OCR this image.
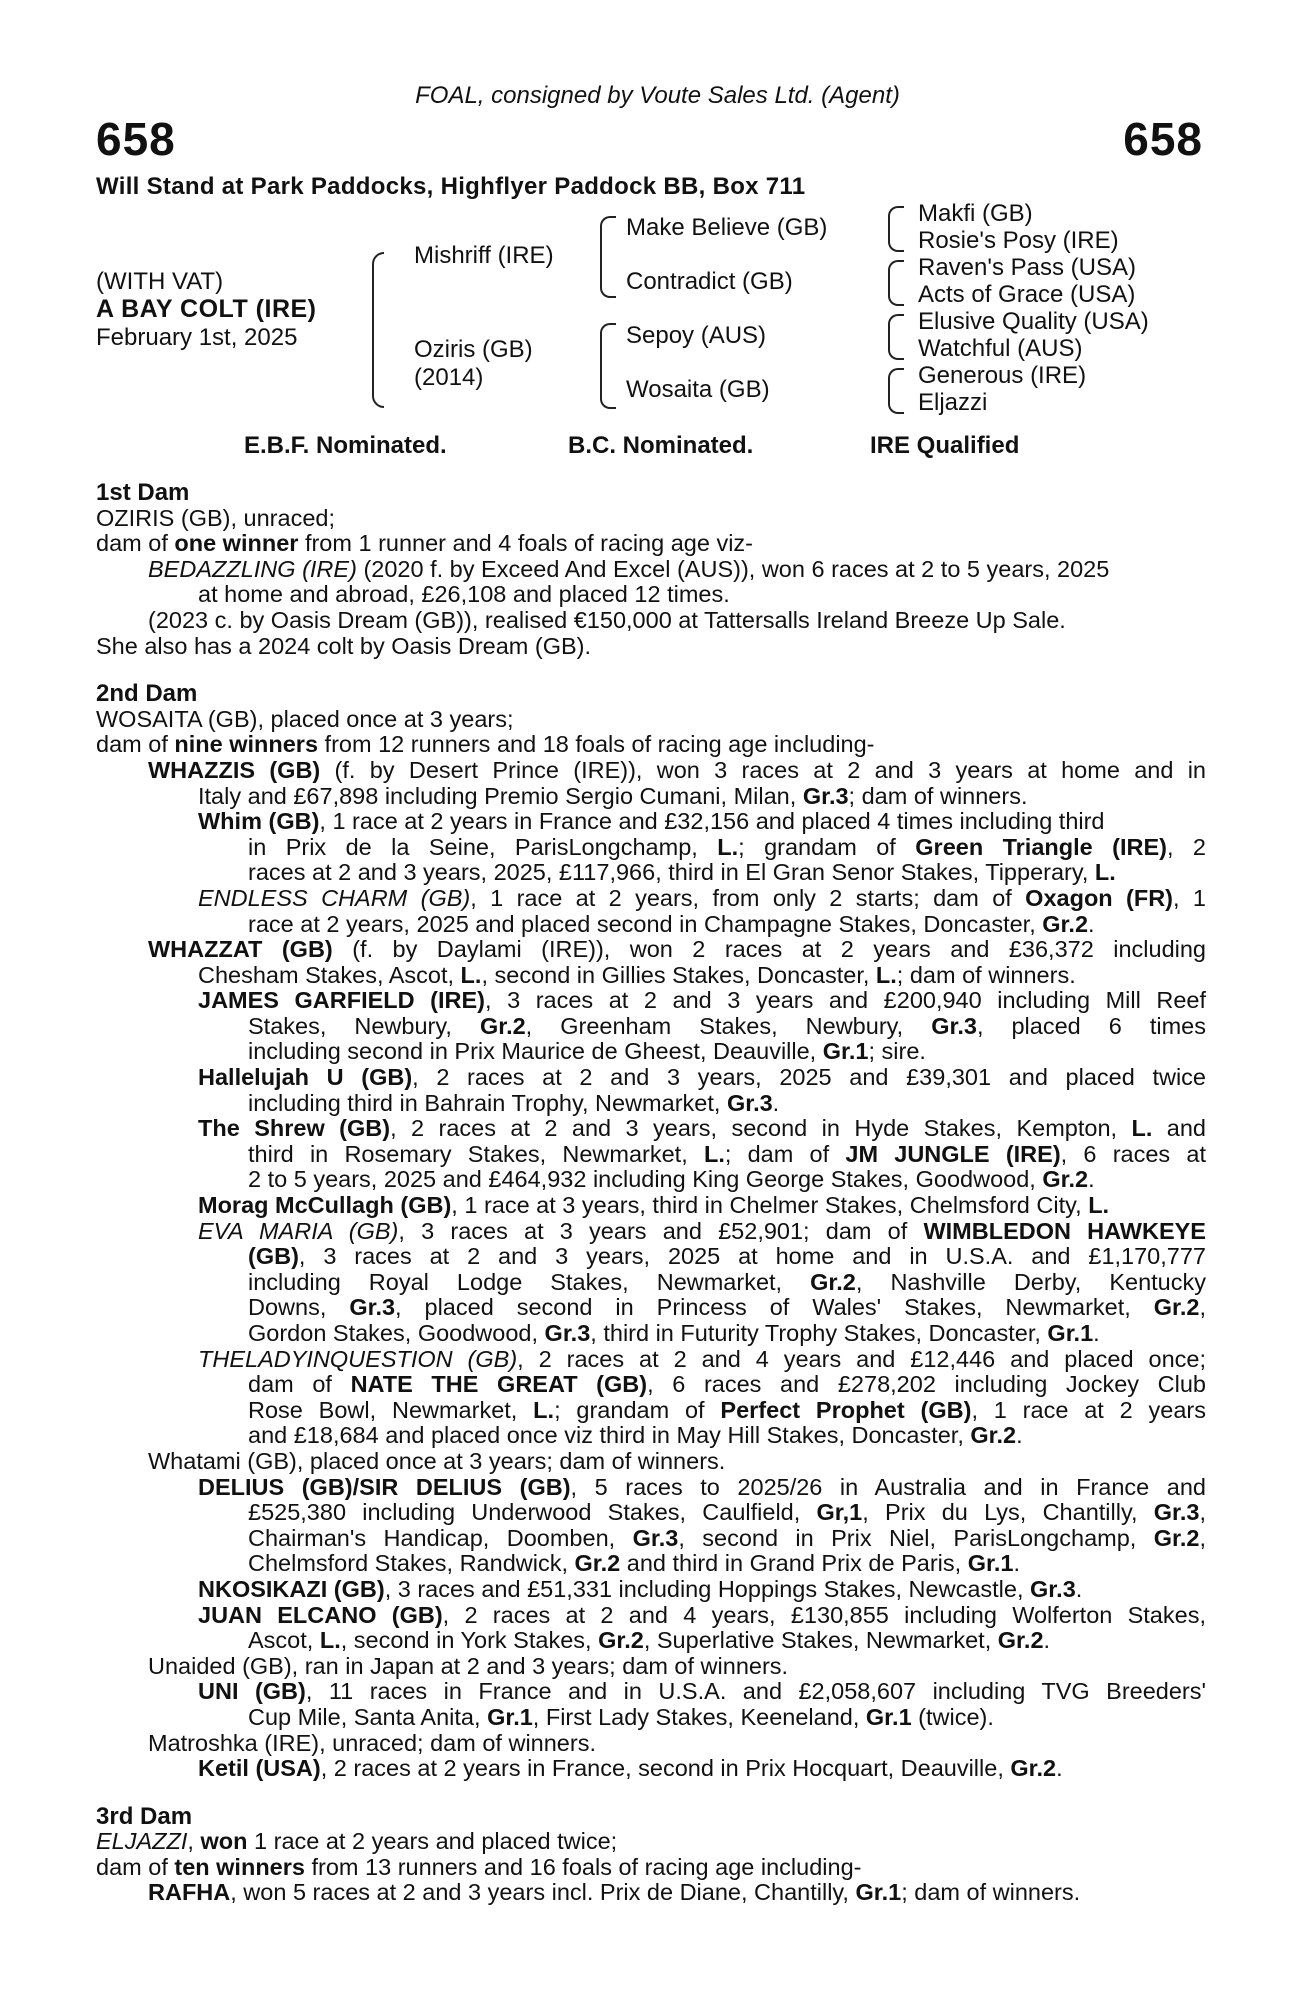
FOAL, consigned by Voute Sales Ltd. (Agent)
658	658
Will Stand at Park Paddocks, Highflyer Paddock BB, Box 711
(WITH VAT)
A BAY COLT (IRE)
February 1st, 2025
Mishriff (IRE)
Oziris (GB)
(2014)
Make Believe (GB)
Contradict (GB)
Sepoy (AUS)
Wosaita (GB)
Makfi (GB)
Rosie's Posy (IRE)
Raven's Pass (USA)
Acts of Grace (USA)
Elusive Quality (USA)
Watchful (AUS)
Generous (IRE)
Eljazzi
E.B.F. Nominated.	B.C. Nominated.	IRE Qualified
1st Dam
OZIRIS (GB), unraced;
dam of one winner from 1 runner and 4 foals of racing age viz-
BEDAZZLING (IRE) (2020 f. by Exceed And Excel (AUS)), won 6 races at 2 to 5 years, 2025
at home and abroad, £26,108 and placed 12 times.
(2023 c. by Oasis Dream (GB)), realised €150,000 at Tattersalls Ireland Breeze Up Sale.
She also has a 2024 colt by Oasis Dream (GB).
2nd Dam
WOSAITA (GB), placed once at 3 years;
dam of nine winners from 12 runners and 18 foals of racing age including-
WHAZZIS (GB) (f. by Desert Prince (IRE)), won 3 races at 2 and 3 years at home and in
Italy and £67,898 including Premio Sergio Cumani, Milan, Gr.3; dam of winners.
Whim (GB), 1 race at 2 years in France and £32,156 and placed 4 times including third
in Prix de la Seine, ParisLongchamp, L.; grandam of Green Triangle (IRE), 2
races at 2 and 3 years, 2025, £117,966, third in El Gran Senor Stakes, Tipperary, L.
ENDLESS CHARM (GB), 1 race at 2 years, from only 2 starts; dam of Oxagon (FR), 1
race at 2 years, 2025 and placed second in Champagne Stakes, Doncaster, Gr.2.
WHAZZAT (GB) (f. by Daylami (IRE)), won 2 races at 2 years and £36,372 including
Chesham Stakes, Ascot, L., second in Gillies Stakes, Doncaster, L.; dam of winners.
JAMES GARFIELD (IRE), 3 races at 2 and 3 years and £200,940 including Mill Reef
Stakes, Newbury, Gr.2, Greenham Stakes, Newbury, Gr.3, placed 6 times
including second in Prix Maurice de Gheest, Deauville, Gr.1; sire.
Hallelujah U (GB), 2 races at 2 and 3 years, 2025 and £39,301 and placed twice
including third in Bahrain Trophy, Newmarket, Gr.3.
The Shrew (GB), 2 races at 2 and 3 years, second in Hyde Stakes, Kempton, L. and
third in Rosemary Stakes, Newmarket, L.; dam of JM JUNGLE (IRE), 6 races at
2 to 5 years, 2025 and £464,932 including King George Stakes, Goodwood, Gr.2.
Morag McCullagh (GB), 1 race at 3 years, third in Chelmer Stakes, Chelmsford City, L.
EVA MARIA (GB), 3 races at 3 years and £52,901; dam of WIMBLEDON HAWKEYE
(GB), 3 races at 2 and 3 years, 2025 at home and in U.S.A. and £1,170,777
including Royal Lodge Stakes, Newmarket, Gr.2, Nashville Derby, Kentucky
Downs, Gr.3, placed second in Princess of Wales' Stakes, Newmarket, Gr.2,
Gordon Stakes, Goodwood, Gr.3, third in Futurity Trophy Stakes, Doncaster, Gr.1.
THELADYINQUESTION (GB), 2 races at 2 and 4 years and £12,446 and placed once;
dam of NATE THE GREAT (GB), 6 races and £278,202 including Jockey Club
Rose Bowl, Newmarket, L.; grandam of Perfect Prophet (GB), 1 race at 2 years
and £18,684 and placed once viz third in May Hill Stakes, Doncaster, Gr.2.
Whatami (GB), placed once at 3 years; dam of winners.
DELIUS (GB)/SIR DELIUS (GB), 5 races to 2025/26 in Australia and in France and
£525,380 including Underwood Stakes, Caulfield, Gr,1, Prix du Lys, Chantilly, Gr.3,
Chairman's Handicap, Doomben, Gr.3, second in Prix Niel, ParisLongchamp, Gr.2,
Chelmsford Stakes, Randwick, Gr.2 and third in Grand Prix de Paris, Gr.1.
NKOSIKAZI (GB), 3 races and £51,331 including Hoppings Stakes, Newcastle, Gr.3.
JUAN ELCANO (GB), 2 races at 2 and 4 years, £130,855 including Wolferton Stakes,
Ascot, L., second in York Stakes, Gr.2, Superlative Stakes, Newmarket, Gr.2.
Unaided (GB), ran in Japan at 2 and 3 years; dam of winners.
UNI (GB), 11 races in France and in U.S.A. and £2,058,607 including TVG Breeders'
Cup Mile, Santa Anita, Gr.1, First Lady Stakes, Keeneland, Gr.1 (twice).
Matroshka (IRE), unraced; dam of winners.
Ketil (USA), 2 races at 2 years in France, second in Prix Hocquart, Deauville, Gr.2.
3rd Dam
ELJAZZI, won 1 race at 2 years and placed twice;
dam of ten winners from 13 runners and 16 foals of racing age including-
RAFHA, won 5 races at 2 and 3 years incl. Prix de Diane, Chantilly, Gr.1; dam of winners.
